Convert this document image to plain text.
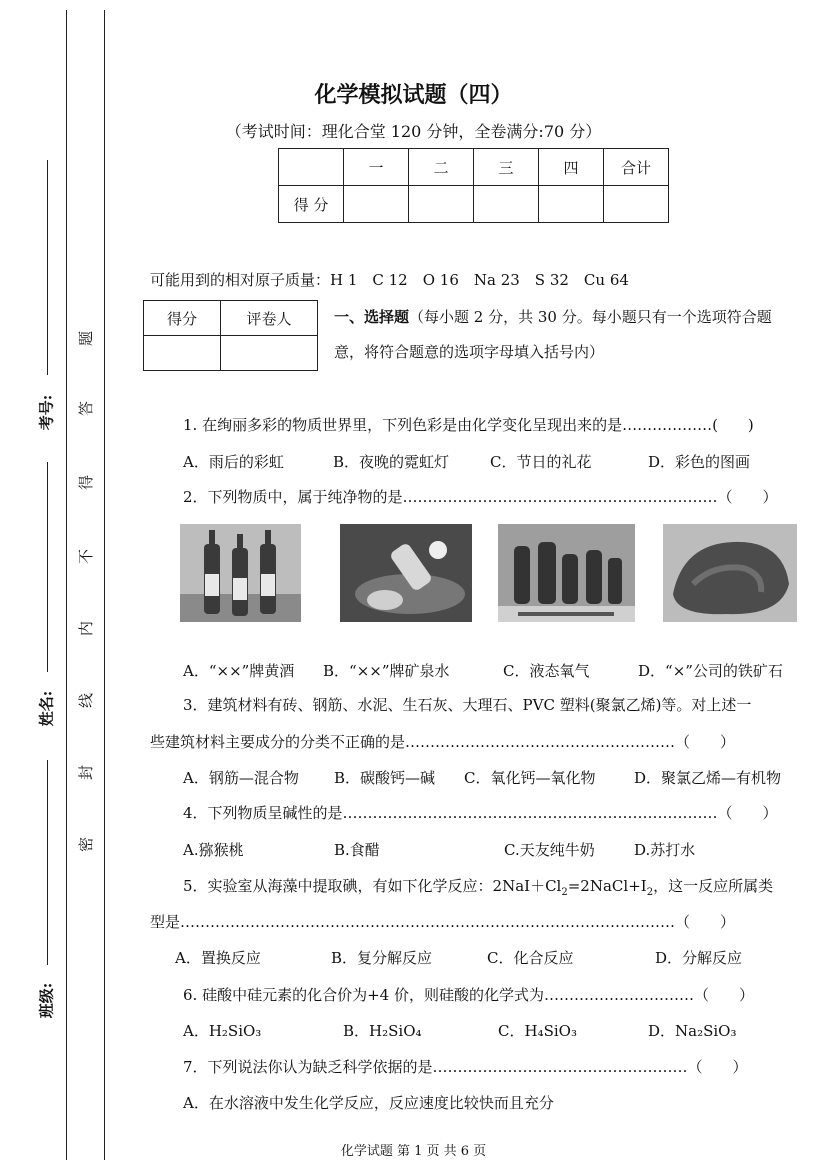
考号:
姓名:
班级:
题
答
得
不
内
线
封
密
化学模拟试题（四）
（考试时间：理化合堂 120 分钟，全卷满分:70 分）
	一	二	三	四	合计
得 分					
可能用到的相对原子质量：H 1　C 12　O 16　Na 23　S 32　Cu 64
得分	评卷人
		一、选择题（每小题 2 分，共 30 分。每小题只有一个选项符合题
意，将符合题意的选项字母填入括号内）
1. 在绚丽多彩的物质世界里，下列色彩是由化学变化呈现出来的是………………(　　)
A．雨后的彩虹	B．夜晚的霓虹灯	C．节日的礼花	D．彩色的图画
2．下列物质中，属于纯净物的是………………………………………………………（　　）
A．“××”牌黄酒 B．“××”牌矿泉水	C．液态氧气	D．“×”公司的铁矿石
3．建筑材料有砖、钢筋、水泥、生石灰、大理石、PVC 塑料(聚氯乙烯)等。对上述一
些建筑材料主要成分的分类不正确的是………………………………………………（　　）
A．钢筋—混合物 B．碳酸钙—碱 C．氧化钙—氧化物	D．聚氯乙烯—有机物
4．下列物质呈碱性的是…………………………………………………………………（　　）
A.猕猴桃	B.食醋	C.天友纯牛奶	D.苏打水
5．实验室从海藻中提取碘，有如下化学反应：$2NaI+Cl_2=2NaCl+I_2$，这一反应所属类
型是………………………………………………………………………………………（　　）
A．置换反应	B．复分解反应	C．化合反应	D．分解反应
6. 硅酸中硅元素的化合价为+4 价，则硅酸的化学式为…………………………（　　）
A．H₂SiO₃	B．H₂SiO₄	C．H₄SiO₃	D．Na₂SiO₃
7．下列说法你认为缺乏科学依据的是……………………………………………（　　）
A．在水溶液中发生化学反应，反应速度比较快而且充分
化学试题 第 1 页 共 6 页
